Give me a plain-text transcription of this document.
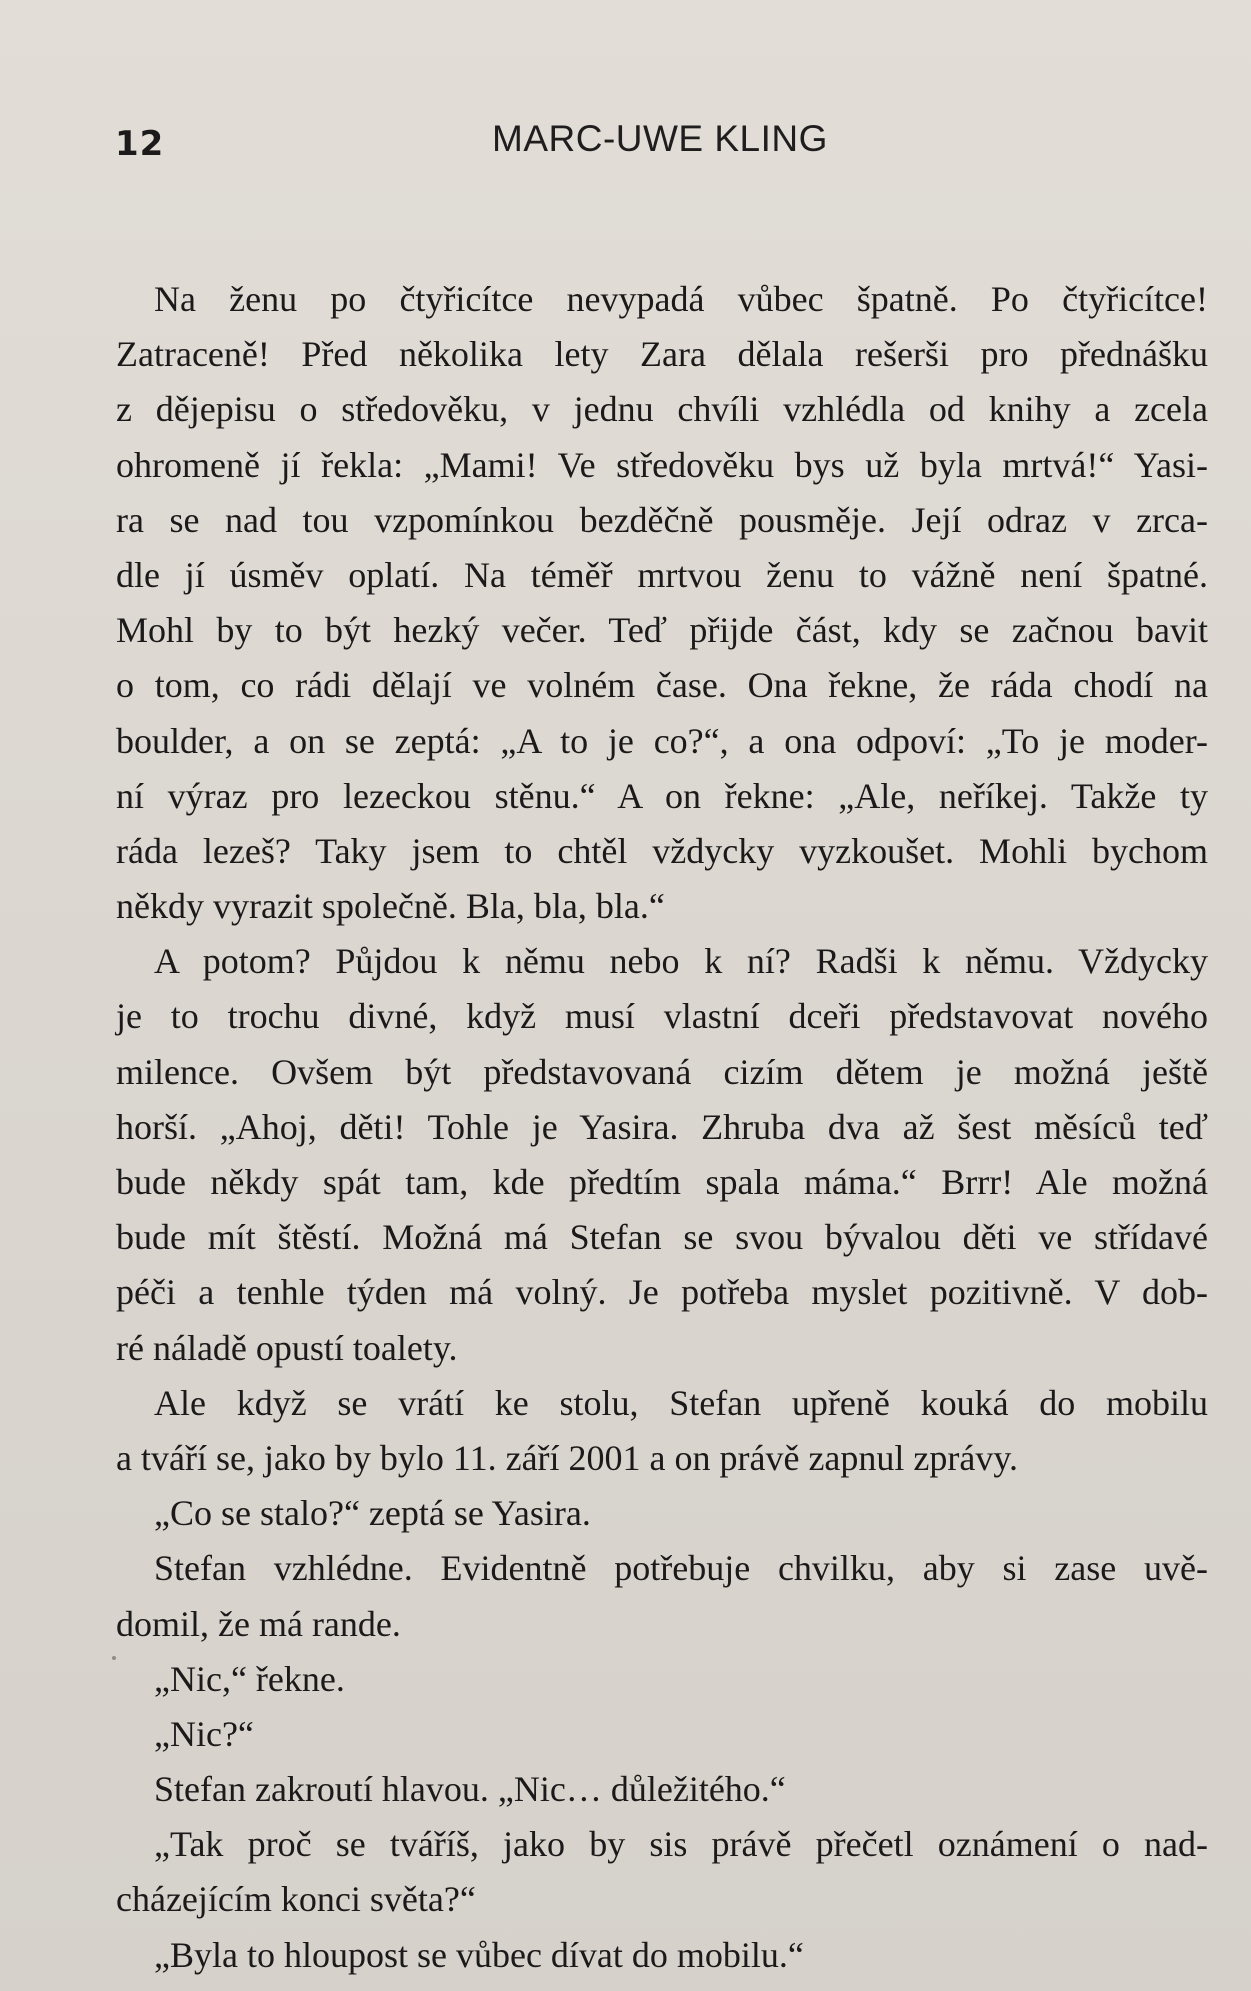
12	MARC-UWE KLING
Na ženu po čtyřicítce nevypadá vůbec špatně. Po čtyřicítce!
Zatraceně! Před několika lety Zara dělala rešerši pro přednášku
z dějepisu o středověku, v jednu chvíli vzhlédla od knihy a zcela
ohromeně jí řekla: „Mami! Ve středověku bys už byla mrtvá!“ Yasi-
ra se nad tou vzpomínkou bezděčně pousměje. Její odraz v zrca-
dle jí úsměv oplatí. Na téměř mrtvou ženu to vážně není špatné.
Mohl by to být hezký večer. Teď přijde část, kdy se začnou bavit
o tom, co rádi dělají ve volném čase. Ona řekne, že ráda chodí na
boulder, a on se zeptá: „A to je co?“, a ona odpoví: „To je moder-
ní výraz pro lezeckou stěnu.“ A on řekne: „Ale, neříkej. Takže ty
ráda lezeš? Taky jsem to chtěl vždycky vyzkoušet. Mohli bychom
někdy vyrazit společně. Bla, bla, bla.“
A potom? Půjdou k němu nebo k ní? Radši k němu. Vždycky
je to trochu divné, když musí vlastní dceři představovat nového
milence. Ovšem být představovaná cizím dětem je možná ještě
horší. „Ahoj, děti! Tohle je Yasira. Zhruba dva až šest měsíců teď
bude někdy spát tam, kde předtím spala máma.“ Brrr! Ale možná
bude mít štěstí. Možná má Stefan se svou bývalou děti ve střídavé
péči a tenhle týden má volný. Je potřeba myslet pozitivně. V dob-
ré náladě opustí toalety.
Ale když se vrátí ke stolu, Stefan upřeně kouká do mobilu
a tváří se, jako by bylo 11. září 2001 a on právě zapnul zprávy.
„Co se stalo?“ zeptá se Yasira.
Stefan vzhlédne. Evidentně potřebuje chvilku, aby si zase uvě-
domil, že má rande.
„Nic,“ řekne.
„Nic?“
Stefan zakroutí hlavou. „Nic… důležitého.“
„Tak proč se tváříš, jako by sis právě přečetl oznámení o nad-
cházejícím konci světa?“
„Byla to hloupost se vůbec dívat do mobilu.“
